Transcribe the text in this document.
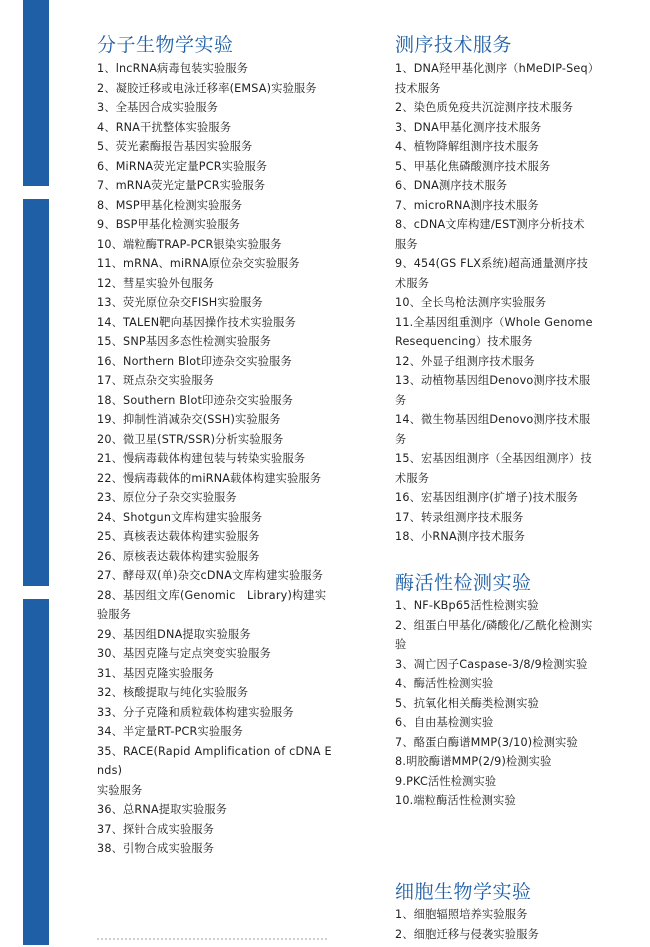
分子生物学实验
1、lncRNA病毒包装实验服务
2、凝胶迁移或电泳迁移率(EMSA)实验服务
3、全基因合成实验服务
4、RNA干扰整体实验服务
5、荧光素酶报告基因实验服务
6、MiRNA荧光定量PCR实验服务
7、mRNA荧光定量PCR实验服务
8、MSP甲基化检测实验服务
9、BSP甲基化检测实验服务
10、端粒酶TRAP-PCR银染实验服务
11、mRNA、miRNA原位杂交实验服务
12、彗星实验外包服务
13、荧光原位杂交FISH实验服务
14、TALEN靶向基因操作技术实验服务
15、SNP基因多态性检测实验服务
16、Northern Blot印迹杂交实验服务
17、斑点杂交实验服务
18、Southern Blot印迹杂交实验服务
19、抑制性消减杂交(SSH)实验服务
20、微卫星(STR/SSR)分析实验服务
21、慢病毒载体构建包装与转染实验服务
22、慢病毒载体的miRNA载体构建实验服务
23、原位分子杂交实验服务
24、Shotgun文库构建实验服务
25、真核表达载体构建实验服务
26、原核表达载体构建实验服务
27、酵母双(单)杂交cDNA文库构建实验服务
28、基因组文库(Genomic　Library)构建实验服务
29、基因组DNA提取实验服务
30、基因克隆与定点突变实验服务
31、基因克隆实验服务
32、核酸提取与纯化实验服务
33、分子克隆和质粒载体构建实验服务
34、半定量RT-PCR实验服务
35、RACE(Rapid Amplification of cDNA Ends)
实验服务
36、总RNA提取实验服务
37、探针合成实验服务
38、引物合成实验服务
测序技术服务
1、DNA羟甲基化测序（hMeDIP-Seq）技术服务
2、染色质免疫共沉淀测序技术服务
3、DNA甲基化测序技术服务
4、植物降解组测序技术服务
5、甲基化焦磷酸测序技术服务
6、DNA测序技术服务
7、microRNA测序技术服务
8、cDNA文库构建/EST测序分析技术服务
9、454(GS FLX系统)超高通量测序技术服务
10、全长鸟枪法测序实验服务
11.全基因组重测序（Whole Genome Resequencing）技术服务
12、外显子组测序技术服务
13、动植物基因组Denovo测序技术服务
14、微生物基因组Denovo测序技术服务
15、宏基因组测序（全基因组测序）技术服务
16、宏基因组测序(扩增子)技术服务
17、转录组测序技术服务
18、小RNA测序技术服务
酶活性检测实验
1、NF-KBp65活性检测实验
2、组蛋白甲基化/磷酸化/乙酰化检测实验
3、凋亡因子Caspase-3/8/9检测实验
4、酶活性检测实验
5、抗氧化相关酶类检测实验
6、自由基检测实验
7、酪蛋白酶谱MMP(3/10)检测实验
8.明胶酶谱MMP(2/9)检测实验
9.PKC活性检测实验
10.端粒酶活性检测实验
细胞生物学实验
1、细胞辐照培养实验服务
2、细胞迁移与侵袭实验服务
